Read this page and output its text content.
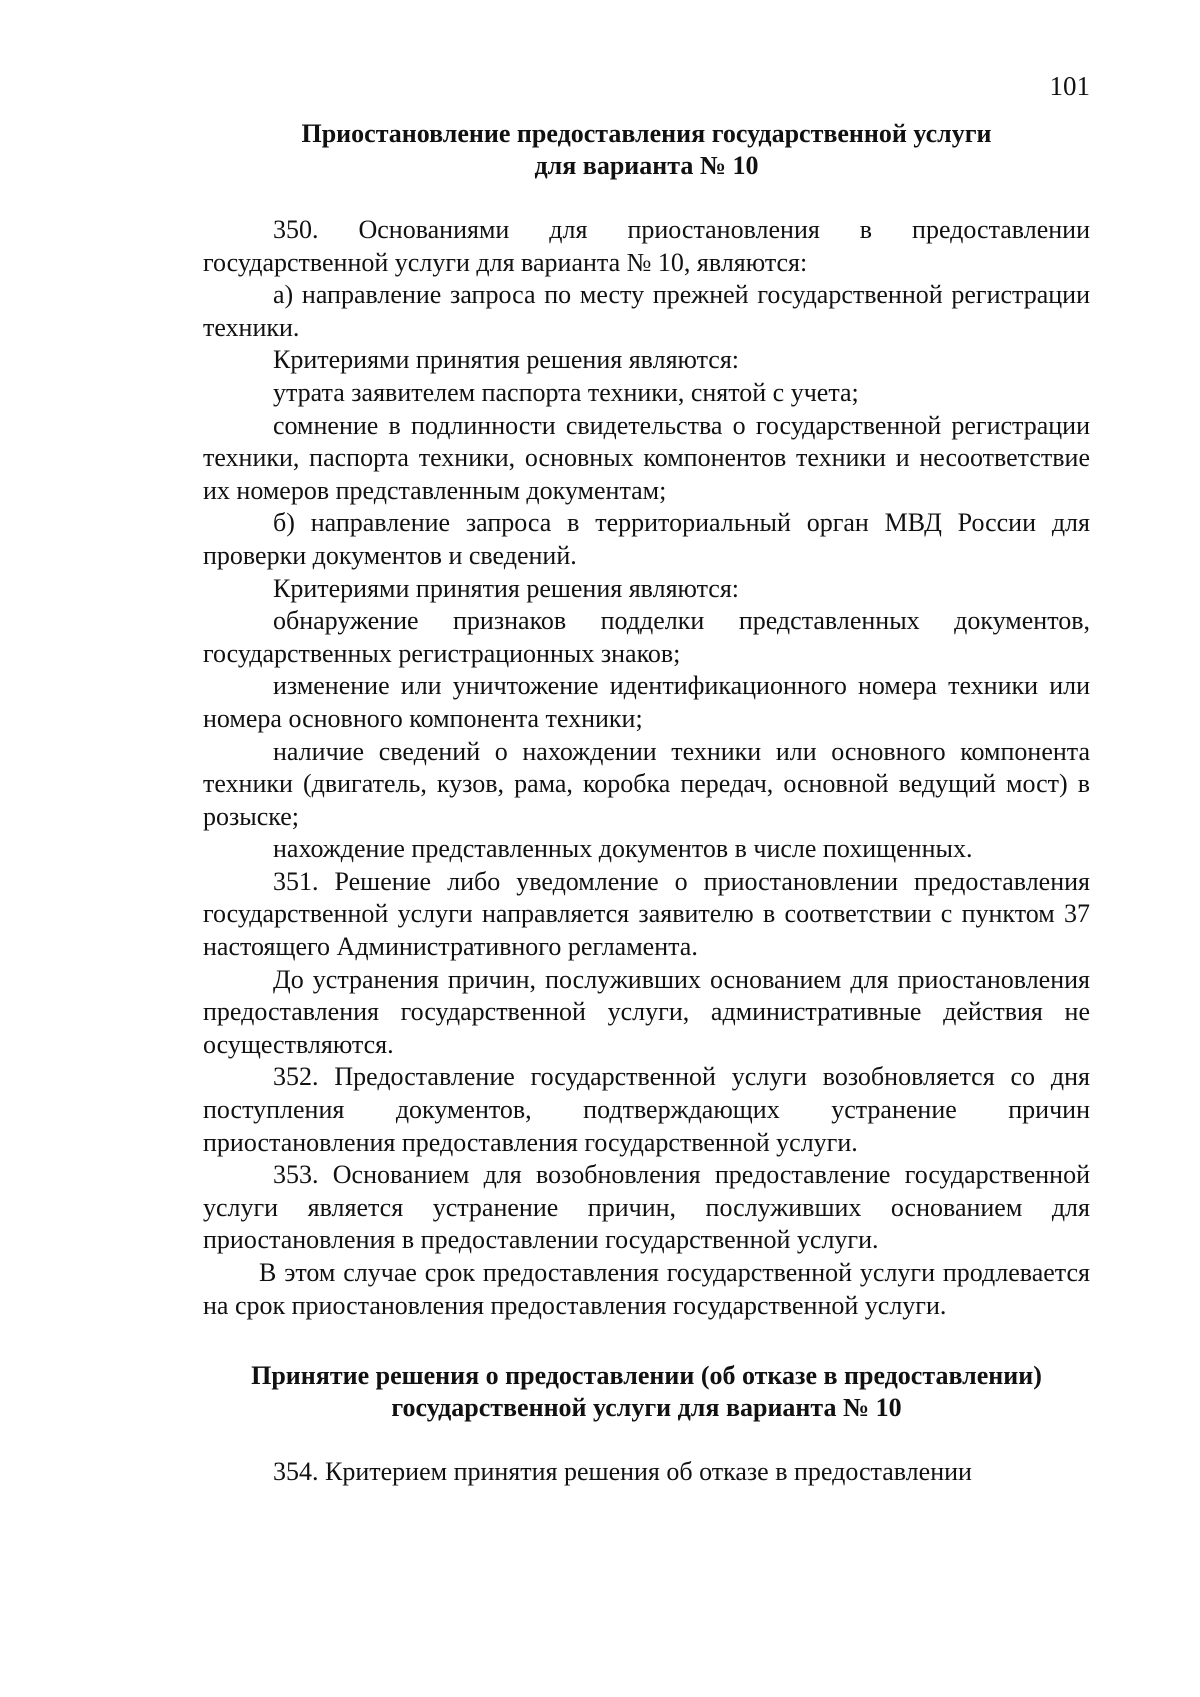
101
Приостановление предоставления государственной услуги
для варианта № 10

350. Основаниями для приостановления в предоставлении государственной услуги для варианта № 10, являются:

а) направление запроса по месту прежней государственной регистрации техники.

Критериями принятия решения являются:

утрата заявителем паспорта техники, снятой с учета;

сомнение в подлинности свидетельства о государственной регистрации техники, паспорта техники, основных компонентов техники и несоответствие их номеров представленным документам;

б) направление запроса в территориальный орган МВД России для проверки документов и сведений.

Критериями принятия решения являются:

обнаружение признаков подделки представленных документов, государственных регистрационных знаков;

изменение или уничтожение идентификационного номера техники или номера основного компонента техники;

наличие сведений о нахождении техники или основного компонента техники (двигатель, кузов, рама, коробка передач, основной ведущий мост) в розыске;

нахождение представленных документов в числе похищенных.

351. Решение либо уведомление о приостановлении предоставления государственной услуги направляется заявителю в соответствии с пунктом 37 настоящего Административного регламента.

До устранения причин, послуживших основанием для приостановления предоставления государственной услуги, административные действия не осуществляются.

352. Предоставление государственной услуги возобновляется со дня поступления документов, подтверждающих устранение причин приостановления предоставления государственной услуги.

353. Основанием для возобновления предоставление государственной услуги является устранение причин, послуживших основанием для приостановления в предоставлении государственной услуги.

В этом случае срок предоставления государственной услуги продлевается на срок приостановления предоставления государственной услуги.

Принятие решения о предоставлении (об отказе в предоставлении)
государственной услуги для варианта № 10

354. Критерием принятия решения об отказе в предоставлении
